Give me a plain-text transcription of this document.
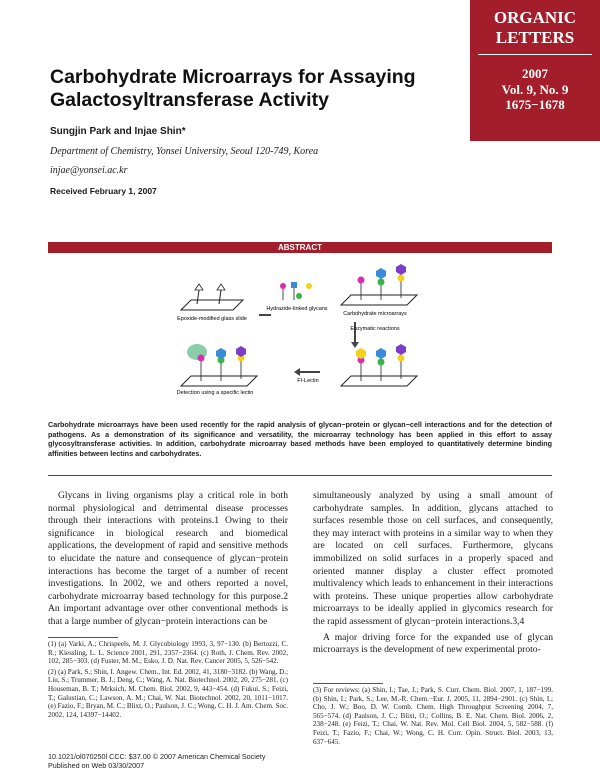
ORGANIC
LETTERS
2007
Vol. 9, No. 9
1675−1678
Carbohydrate Microarrays for Assaying Galactosyltransferase Activity
Sungjin Park and Injae Shin*
Department of Chemistry, Yonsei University, Seoul 120-749, Korea
injae@yonsei.ac.kr
Received February 1, 2007
ABSTRACT
Epoxide-modified glass slide
Hydrazide-linked glycans
Carbohydrate microarrays
Enzymatic reactions
FI-Lectin
Detection using a specific lectin
Carbohydrate microarrays have been used recently for the rapid analysis of glycan−protein or glycan−cell interactions and for the detection of pathogens. As a demonstration of its significance and versatility, the microarray technology has been applied in this effort to assay glycosyltransferase activities. In addition, carbohydrate microarray based methods have been employed to quantitatively determine binding affinities between lectins and carbohydrates.

Glycans in living organisms play a critical role in both normal physiological and detrimental disease processes through their interactions with proteins.1 Owing to their significance in biological research and biomedical applications, the development of rapid and sensitive methods to elucidate the nature and consequence of glycan−protein interactions has become the target of a number of recent investigations. In 2002, we and others reported a novel, carbohydrate microarray based technology for this purpose.2 An important advantage over other conventional methods is that a large number of glycan−protein interactions can be

simultaneously analyzed by using a small amount of carbohydrate samples. In addition, glycans attached to surfaces resemble those on cell surfaces, and consequently, they may interact with proteins in a similar way to when they are located on cell surfaces. Furthermore, glycans immobilized on solid surfaces in a properly spaced and oriented manner display a cluster effect promoted multivalency which leads to enhancement in their interactions with proteins. These unique properties allow carbohydrate microarrays to be ideally applied in glycomics research for the rapid assessment of glycan−protein interactions.3,4

A major driving force for the expanded use of glycan microarrays is the development of new experimental proto-

(1) (a) Varki, A.; Chrispeels, M. J. Glycobiology 1993, 3, 97−130. (b) Bertozzi, C. R.; Kiessling, L. L. Science 2001, 291, 2357−2364. (c) Roth, J. Chem. Rev. 2002, 102, 285−303. (d) Fuster, M. M.; Esko, J. D. Nat. Rev. Cancer 2005, 5, 526−542.

(2) (a) Park, S.; Shin, I. Angew. Chem., Int. Ed. 2002, 41, 3180−3182. (b) Wang, D.; Liu, S.; Trummer, B. J.; Deng, C.; Wang, A. Nat. Biotechnol. 2002, 20, 275−281. (c) Houseman, B. T.; Mrksich, M. Chem. Biol. 2002, 9, 443−454. (d) Fukui, S.; Feizi, T.; Galustian, C.; Lawson, A. M.; Chai, W. Nat. Biotechnol. 2002, 20, 1011−1017. (e) Fazio, F.; Bryan, M. C.; Blixt, O.; Paulson, J. C.; Wong, C. H. J. Am. Chem. Soc. 2002, 124, 14397−14402.

(3) For reviews: (a) Shin, I.; Tae, J.; Park, S. Curr. Chem. Biol. 2007, 1, 187−199. (b) Shin, I.; Park, S.; Lee, M.-R. Chem.−Eur. J. 2005, 11, 2894−2901. (c) Shin, I.; Cho, J. W.; Boo, D. W. Comb. Chem. High Throughput Screening 2004, 7, 565−574. (d) Paulson, J. C.; Blixt, O.; Collins, B. E. Nat. Chem. Biol. 2006, 2, 238−248. (e) Feizi, T.; Chai, W. Nat. Rev. Mol. Cell Biol. 2004, 5, 582−588. (f) Feizi, T.; Fazio, F.; Chai, W.; Wong, C. H. Curr. Opin. Struct. Biol. 2003, 13, 637−645.

10.1021/ol070250l CCC: $37.00 © 2007 American Chemical Society
Published on Web 03/30/2007
